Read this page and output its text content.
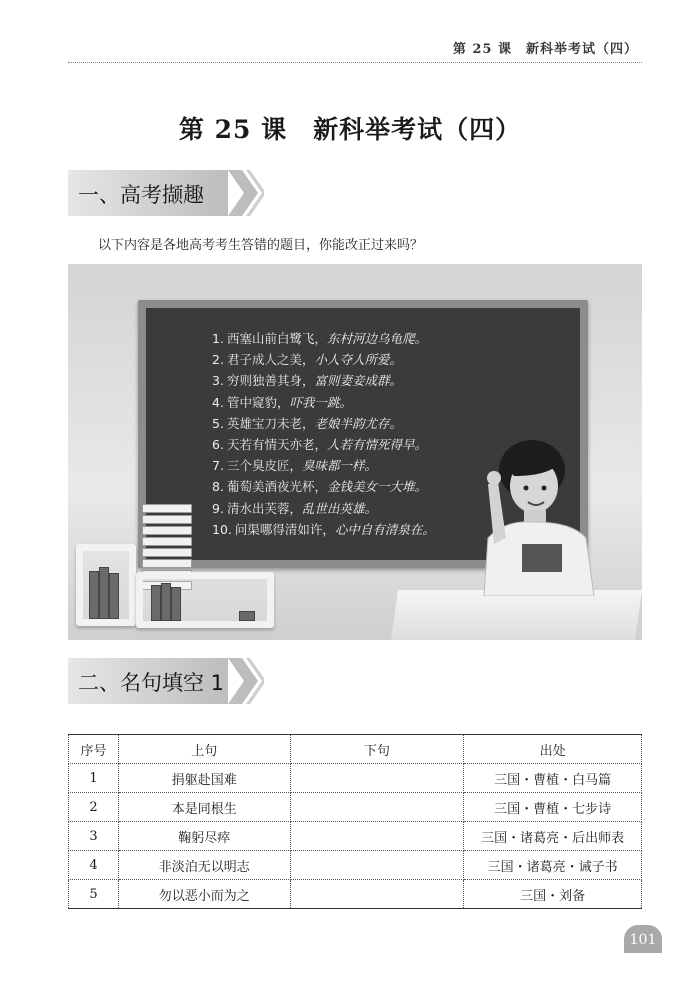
第 25 课　新科举考试（四）
第 25 课　新科举考试（四）
一、高考撷趣
以下内容是各地高考考生答错的题目，你能改正过来吗？
1. 西塞山前白鹭飞，东村河边乌龟爬。
2. 君子成人之美，小人夺人所爱。
3. 穷则独善其身，富则妻妾成群。
4. 管中窥豹，吓我一跳。
5. 英雄宝刀未老，老娘半韵尤存。
6. 天若有情天亦老，人若有情死得早。
7. 三个臭皮匠，臭味都一样。
8. 葡萄美酒夜光杯，金钱美女一大堆。
9. 清水出芙蓉，乱世出英雄。
10. 问渠哪得清如许，心中自有清泉在。
二、名句填空 1
序号	上句	下句	出处
1	捐躯赴国难		三国・曹植・白马篇
2	本是同根生		三国・曹植・七步诗
3	鞠躬尽瘁		三国・诸葛亮・后出师表
4	非淡泊无以明志		三国・诸葛亮・诫子书
5	勿以恶小而为之		三国・刘备
101
